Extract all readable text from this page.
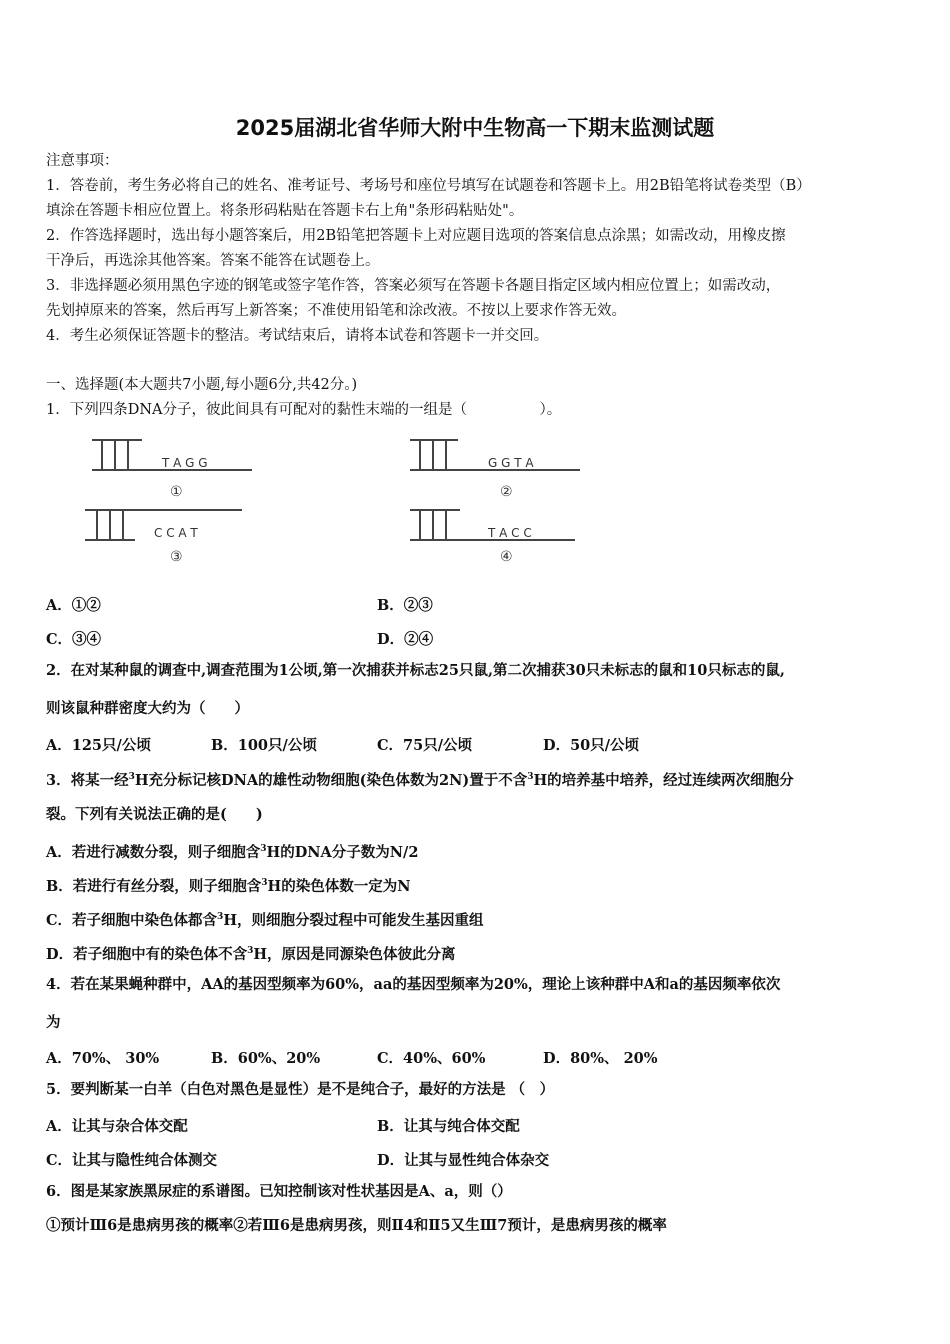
2025届湖北省华师大附中生物高一下期末监测试题
注意事项：
1．答卷前，考生务必将自己的姓名、准考证号、考场号和座位号填写在试题卷和答题卡上。用2B铅笔将试卷类型（B）
填涂在答题卡相应位置上。将条形码粘贴在答题卡右上角"条形码粘贴处"。
2．作答选择题时，选出每小题答案后，用2B铅笔把答题卡上对应题目选项的答案信息点涂黑；如需改动，用橡皮擦
干净后，再选涂其他答案。答案不能答在试题卷上。
3．非选择题必须用黑色字迹的钢笔或签字笔作答，答案必须写在答题卡各题目指定区域内相应位置上；如需改动，
先划掉原来的答案，然后再写上新答案；不准使用铅笔和涂改液。不按以上要求作答无效。
4．考生必须保证答题卡的整洁。考试结束后，请将本试卷和答题卡一并交回。
一、选择题(本大题共7小题,每小题6分,共42分。)
1．下列四条DNA分子，彼此间具有可配对的黏性末端的一组是（　　　　　）。
T A G G	G G T A
C C A T	T A C C
①	②
③	④
A．①②	B．②③
C．③④	D．②④
2．在对某种鼠的调查中,调查范围为1公顷,第一次捕获并标志25只鼠,第二次捕获30只未标志的鼠和10只标志的鼠,
则该鼠种群密度大约为（　　）
A．125只/公顷	B．100只/公顷	C．75只/公顷	D．50只/公顷
3．将某一经$^3$H充分标记核DNA的雄性动物细胞(染色体数为2N)置于不含$^3$H的培养基中培养，经过连续两次细胞分
裂。下列有关说法正确的是(　　)
A．若进行减数分裂，则子细胞含$^3$H的DNA分子数为N/2
B．若进行有丝分裂，则子细胞含$^3$H的染色体数一定为N
C．若子细胞中染色体都含$^3$H，则细胞分裂过程中可能发生基因重组
D．若子细胞中有的染色体不含$^3$H，原因是同源染色体彼此分离
4．若在某果蝇种群中，AA的基因型频率为60%，aa的基因型频率为20%，理论上该种群中A和a的基因频率依次
为
A．70%、 30%	B．60%、20%	C．40%、60%	D．80%、 20%
5．要判断某一白羊（白色对黑色是显性）是不是纯合子，最好的方法是 （　）
A．让其与杂合体交配	B．让其与纯合体交配
C．让其与隐性纯合体测交	D．让其与显性纯合体杂交
6．图是某家族黑尿症的系谱图。已知控制该对性状基因是A、a，则（）
①预计Ⅲ6是患病男孩的概率②若Ⅲ6是患病男孩，则Ⅱ4和Ⅱ5又生Ⅲ7预计，是患病男孩的概率
